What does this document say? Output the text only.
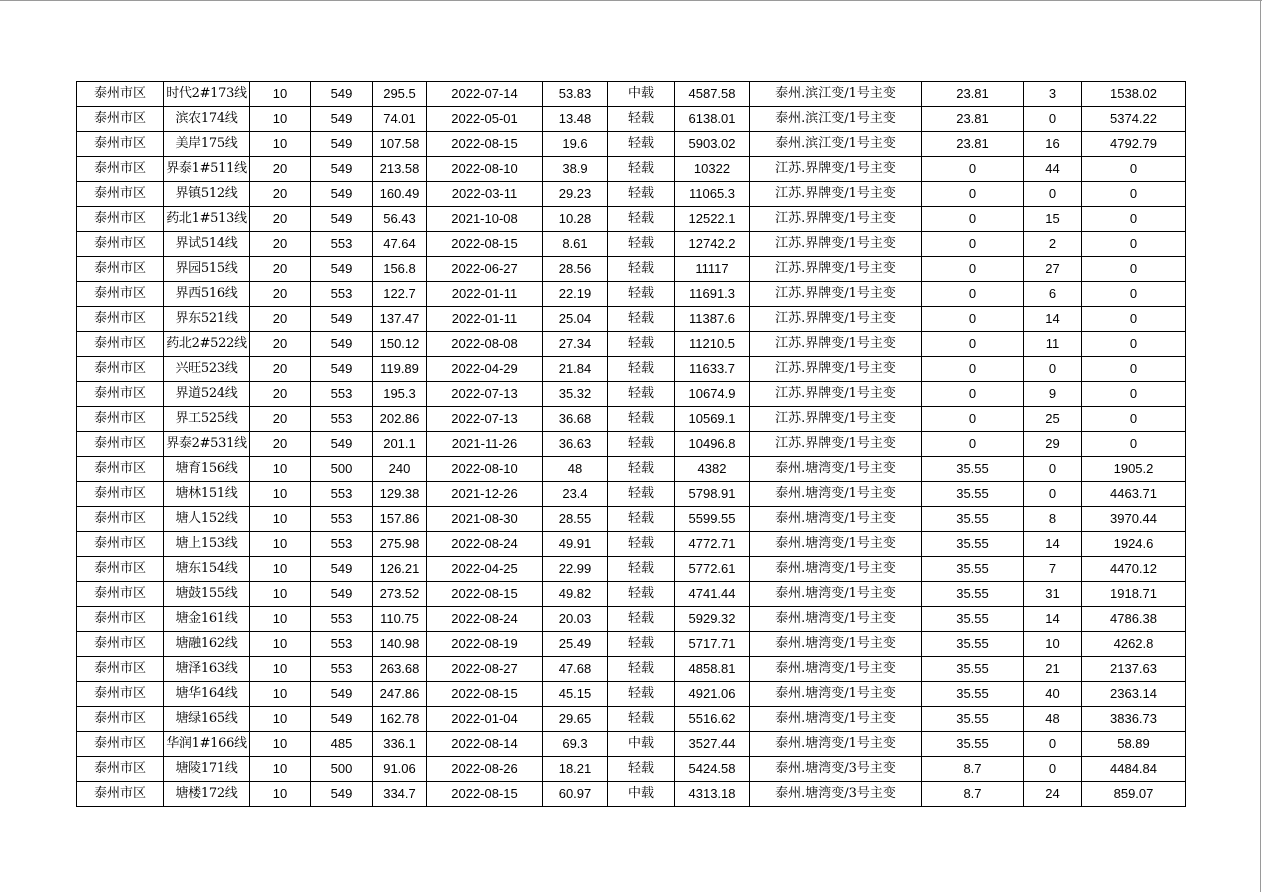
泰州市区	时代2#173线	10	549	295.5	2022-07-14	53.83	中载	4587.58	泰州.滨江变/1号主变	23.81	3	1538.02
泰州市区	滨农174线	10	549	74.01	2022-05-01	13.48	轻载	6138.01	泰州.滨江变/1号主变	23.81	0	5374.22
泰州市区	美岸175线	10	549	107.58	2022-08-15	19.6	轻载	5903.02	泰州.滨江变/1号主变	23.81	16	4792.79
泰州市区	界泰1#511线	20	549	213.58	2022-08-10	38.9	轻载	10322	江苏.界牌变/1号主变	0	44	0
泰州市区	界镇512线	20	549	160.49	2022-03-11	29.23	轻载	11065.3	江苏.界牌变/1号主变	0	0	0
泰州市区	药北1#513线	20	549	56.43	2021-10-08	10.28	轻载	12522.1	江苏.界牌变/1号主变	0	15	0
泰州市区	界试514线	20	553	47.64	2022-08-15	8.61	轻载	12742.2	江苏.界牌变/1号主变	0	2	0
泰州市区	界园515线	20	549	156.8	2022-06-27	28.56	轻载	11117	江苏.界牌变/1号主变	0	27	0
泰州市区	界西516线	20	553	122.7	2022-01-11	22.19	轻载	11691.3	江苏.界牌变/1号主变	0	6	0
泰州市区	界东521线	20	549	137.47	2022-01-11	25.04	轻载	11387.6	江苏.界牌变/1号主变	0	14	0
泰州市区	药北2#522线	20	549	150.12	2022-08-08	27.34	轻载	11210.5	江苏.界牌变/1号主变	0	11	0
泰州市区	兴旺523线	20	549	119.89	2022-04-29	21.84	轻载	11633.7	江苏.界牌变/1号主变	0	0	0
泰州市区	界道524线	20	553	195.3	2022-07-13	35.32	轻载	10674.9	江苏.界牌变/1号主变	0	9	0
泰州市区	界工525线	20	553	202.86	2022-07-13	36.68	轻载	10569.1	江苏.界牌变/1号主变	0	25	0
泰州市区	界泰2#531线	20	549	201.1	2021-11-26	36.63	轻载	10496.8	江苏.界牌变/1号主变	0	29	0
泰州市区	塘育156线	10	500	240	2022-08-10	48	轻载	4382	泰州.塘湾变/1号主变	35.55	0	1905.2
泰州市区	塘林151线	10	553	129.38	2021-12-26	23.4	轻载	5798.91	泰州.塘湾变/1号主变	35.55	0	4463.71
泰州市区	塘人152线	10	553	157.86	2021-08-30	28.55	轻载	5599.55	泰州.塘湾变/1号主变	35.55	8	3970.44
泰州市区	塘上153线	10	553	275.98	2022-08-24	49.91	轻载	4772.71	泰州.塘湾变/1号主变	35.55	14	1924.6
泰州市区	塘东154线	10	549	126.21	2022-04-25	22.99	轻载	5772.61	泰州.塘湾变/1号主变	35.55	7	4470.12
泰州市区	塘鼓155线	10	549	273.52	2022-08-15	49.82	轻载	4741.44	泰州.塘湾变/1号主变	35.55	31	1918.71
泰州市区	塘金161线	10	553	110.75	2022-08-24	20.03	轻载	5929.32	泰州.塘湾变/1号主变	35.55	14	4786.38
泰州市区	塘融162线	10	553	140.98	2022-08-19	25.49	轻载	5717.71	泰州.塘湾变/1号主变	35.55	10	4262.8
泰州市区	塘泽163线	10	553	263.68	2022-08-27	47.68	轻载	4858.81	泰州.塘湾变/1号主变	35.55	21	2137.63
泰州市区	塘华164线	10	549	247.86	2022-08-15	45.15	轻载	4921.06	泰州.塘湾变/1号主变	35.55	40	2363.14
泰州市区	塘绿165线	10	549	162.78	2022-01-04	29.65	轻载	5516.62	泰州.塘湾变/1号主变	35.55	48	3836.73
泰州市区	华润1#166线	10	485	336.1	2022-08-14	69.3	中载	3527.44	泰州.塘湾变/1号主变	35.55	0	58.89
泰州市区	塘陵171线	10	500	91.06	2022-08-26	18.21	轻载	5424.58	泰州.塘湾变/3号主变	8.7	0	4484.84
泰州市区	塘楼172线	10	549	334.7	2022-08-15	60.97	中载	4313.18	泰州.塘湾变/3号主变	8.7	24	859.07
